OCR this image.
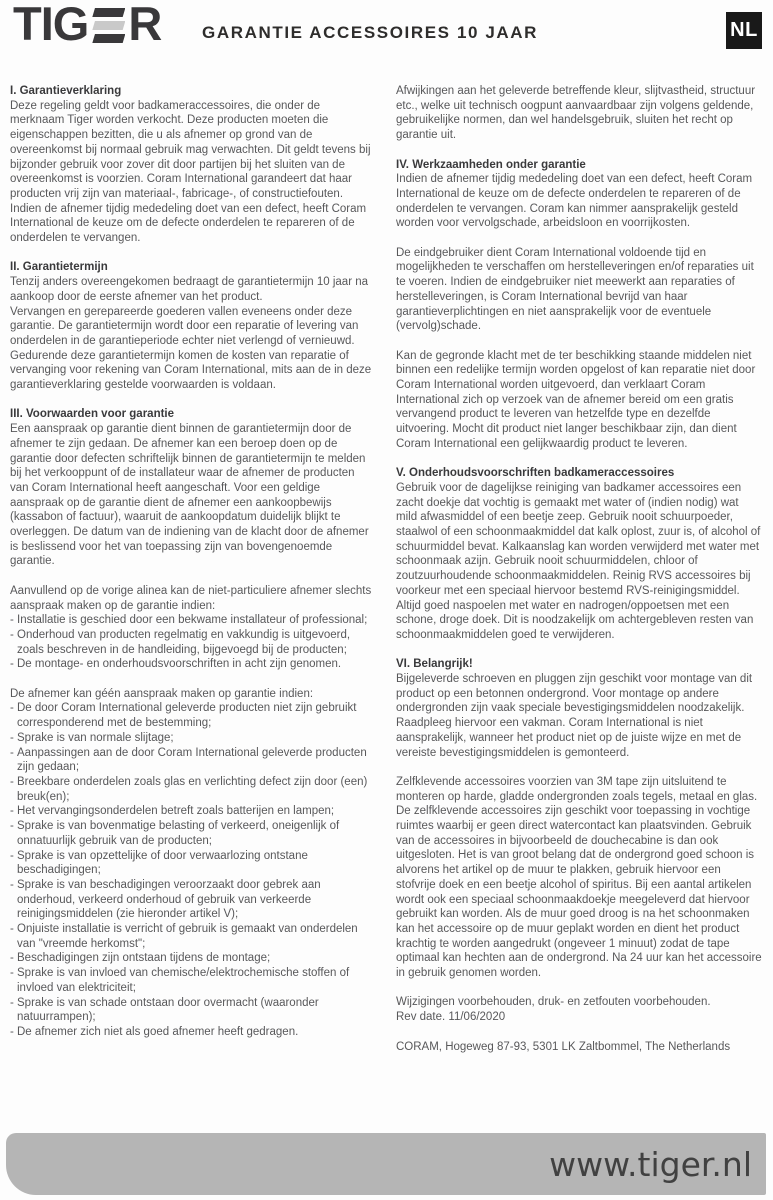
TIG R GARANTIE ACCESSOIRES 10 JAAR	NL
I. Garantieverklaring
Deze regeling geldt voor badkameraccessoires, die onder de merknaam Tiger worden verkocht. Deze producten moeten die eigenschappen bezitten, die u als afnemer op grond van de overeenkomst bij normaal gebruik mag verwachten. Dit geldt tevens bij bijzonder gebruik voor zover dit door partijen bij het sluiten van de overeenkomst is voorzien. Coram International garandeert dat haar producten vrij zijn van materiaal-, fabricage-, of constructiefouten. Indien de afnemer tijdig mededeling doet van een defect, heeft Coram International de keuze om de defecte onderdelen te repareren of de onderdelen te vervangen.
II. Garantietermijn
Tenzij anders overeengekomen bedraagt de garantietermijn 10 jaar na aankoop door de eerste afnemer van het product.
Vervangen en gerepareerde goederen vallen eveneens onder deze garantie. De garantietermijn wordt door een reparatie of levering van onderdelen in de garantieperiode echter niet verlengd of vernieuwd.
Gedurende deze garantietermijn komen de kosten van reparatie of vervanging voor rekening van Coram International, mits aan de in deze garantieverklaring gestelde voorwaarden is voldaan.
III. Voorwaarden voor garantie
Een aanspraak op garantie dient binnen de garantietermijn door de afnemer te zijn gedaan. De afnemer kan een beroep doen op de garantie door defecten schriftelijk binnen de garantietermijn te melden bij het verkooppunt of de installateur waar de afnemer de producten van Coram International heeft aangeschaft. Voor een geldige aanspraak op de garantie dient de afnemer een aankoopbewijs (kassabon of factuur), waaruit de aankoopdatum duidelijk blijkt te overleggen. De datum van de indiening van de klacht door de afnemer is beslissend voor het van toepassing zijn van bovengenoemde garantie.
Aanvullend op de vorige alinea kan de niet-particuliere afnemer slechts aanspraak maken op de garantie indien:
- Installatie is geschied door een bekwame installateur of professional;
- Onderhoud van producten regelmatig en vakkundig is uitgevoerd, zoals beschreven in de handleiding, bijgevoegd bij de producten;
- De montage- en onderhoudsvoorschriften in acht zijn genomen.
De afnemer kan géén aanspraak maken op garantie indien:
- De door Coram International geleverde producten niet zijn gebruikt corresponderend met de bestemming;
- Sprake is van normale slijtage;
- Aanpassingen aan de door Coram International geleverde producten zijn gedaan;
- Breekbare onderdelen zoals glas en verlichting defect zijn door (een) breuk(en);
- Het vervangingsonderdelen betreft zoals batterijen en lampen;
- Sprake is van bovenmatige belasting of verkeerd, oneigenlijk of onnatuurlijk gebruik van de producten;
- Sprake is van opzettelijke of door verwaarlozing ontstane beschadigingen;
- Sprake is van beschadigingen veroorzaakt door gebrek aan onderhoud, verkeerd onderhoud of gebruik van verkeerde reinigingsmiddelen (zie hieronder artikel V);
- Onjuiste installatie is verricht of gebruik is gemaakt van onderdelen van "vreemde herkomst";
- Beschadigingen zijn ontstaan tijdens de montage;
- Sprake is van invloed van chemische/elektrochemische stoffen of invloed van elektriciteit;
- Sprake is van schade ontstaan door overmacht (waaronder natuurrampen);
- De afnemer zich niet als goed afnemer heeft gedragen.
Afwijkingen aan het geleverde betreffende kleur, slijtvastheid, structuur etc., welke uit technisch oogpunt aanvaardbaar zijn volgens geldende, gebruikelijke normen, dan wel handelsgebruik, sluiten het recht op garantie uit.
IV. Werkzaamheden onder garantie
Indien de afnemer tijdig mededeling doet van een defect, heeft Coram International de keuze om de defecte onderdelen te repareren of de onderdelen te vervangen. Coram kan nimmer aansprakelijk gesteld worden voor vervolgschade, arbeidsloon en voorrijkosten.
De eindgebruiker dient Coram International voldoende tijd en mogelijkheden te verschaffen om herstelleveringen en/of reparaties uit te voeren. Indien de eindgebruiker niet meewerkt aan reparaties of herstelleveringen, is Coram International bevrijd van haar garantieverplichtingen en niet aansprakelijk voor de eventuele (vervolg)schade.
Kan de gegronde klacht met de ter beschikking staande middelen niet binnen een redelijke termijn worden opgelost of kan reparatie niet door Coram International worden uitgevoerd, dan verklaart Coram International zich op verzoek van de afnemer bereid om een gratis vervangend product te leveren van hetzelfde type en dezelfde uitvoering. Mocht dit product niet langer beschikbaar zijn, dan dient Coram International een gelijkwaardig product te leveren.
V. Onderhoudsvoorschriften badkameraccessoires
Gebruik voor de dagelijkse reiniging van badkamer accessoires een zacht doekje dat vochtig is gemaakt met water of (indien nodig) wat mild afwasmiddel of een beetje zeep. Gebruik nooit schuurpoeder, staalwol of een schoonmaakmiddel dat kalk oplost, zuur is, of alcohol of schuurmiddel bevat. Kalkaanslag kan worden verwijderd met water met schoonmaak azijn. Gebruik nooit schuurmiddelen, chloor of zoutzuurhoudende schoonmaakmiddelen. Reinig RVS accessoires bij voorkeur met een speciaal hiervoor bestemd RVS-reinigingsmiddel. Altijd goed naspoelen met water en nadrogen/oppoetsen met een schone, droge doek. Dit is noodzakelijk om achtergebleven resten van schoonmaakmiddelen goed te verwijderen.
VI. Belangrijk!
Bijgeleverde schroeven en pluggen zijn geschikt voor montage van dit product op een betonnen ondergrond. Voor montage op andere ondergronden zijn vaak speciale bevestigingsmiddelen noodzakelijk. Raadpleeg hiervoor een vakman. Coram International is niet aansprakelijk, wanneer het product niet op de juiste wijze en met de vereiste bevestigingsmiddelen is gemonteerd.
Zelfklevende accessoires voorzien van 3M tape zijn uitsluitend te monteren op harde, gladde ondergronden zoals tegels, metaal en glas. De zelfklevende accessoires zijn geschikt voor toepassing in vochtige ruimtes waarbij er geen direct watercontact kan plaatsvinden. Gebruik van de accessoires in bijvoorbeeld de douchecabine is dan ook uitgesloten. Het is van groot belang dat de ondergrond goed schoon is alvorens het artikel op de muur te plakken, gebruik hiervoor een stofvrije doek en een beetje alcohol of spiritus. Bij een aantal artikelen wordt ook een speciaal schoonmaakdoekje meegeleverd dat hiervoor gebruikt kan worden. Als de muur goed droog is na het schoonmaken kan het accessoire op de muur geplakt worden en dient het product krachtig te worden aangedrukt (ongeveer 1 minuut) zodat de tape optimaal kan hechten aan de ondergrond. Na 24 uur kan het accessoire in gebruik genomen worden.
Wijzigingen voorbehouden, druk- en zetfouten voorbehouden.
Rev date. 11/06/2020
CORAM, Hogeweg 87-93, 5301 LK Zaltbommel, The Netherlands
www.tiger.nl
